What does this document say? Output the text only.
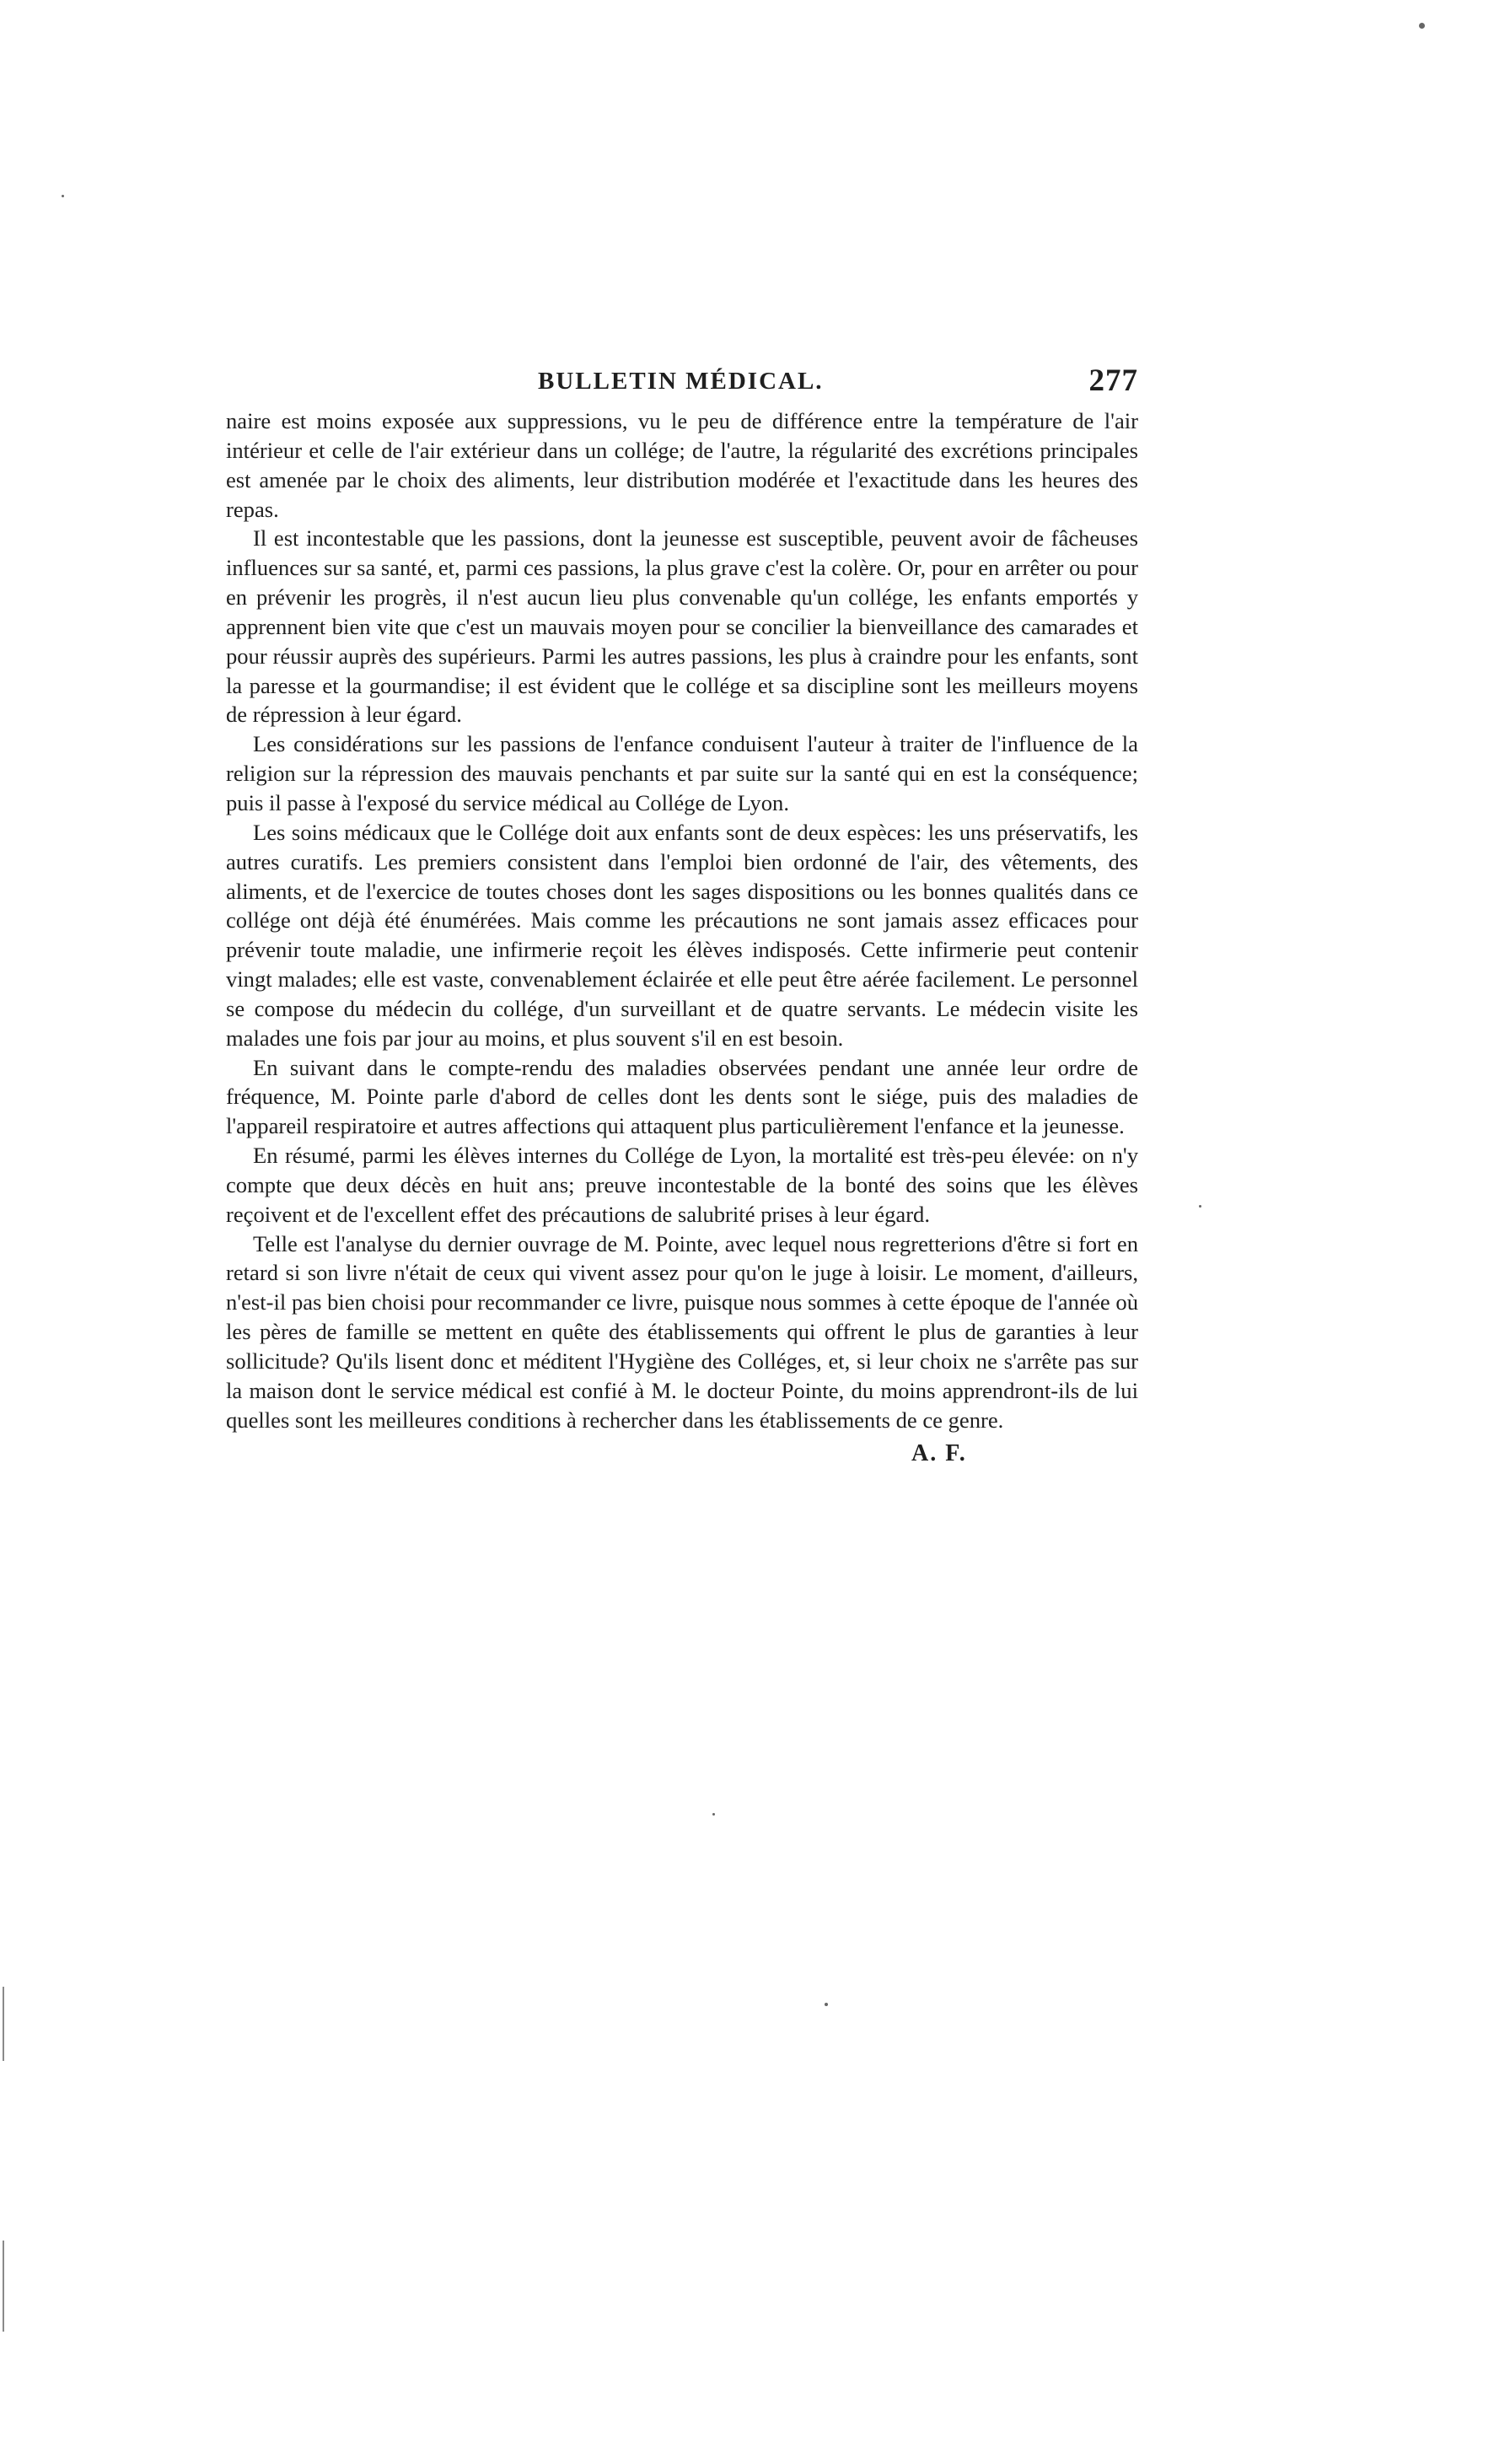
BULLETIN MÉDICAL.	277

naire est moins exposée aux suppressions, vu le peu de différence entre la température de l'air intérieur et celle de l'air extérieur dans un collége; de l'autre, la régularité des excrétions principales est amenée par le choix des aliments, leur distribution modérée et l'exactitude dans les heures des repas.

Il est incontestable que les passions, dont la jeunesse est susceptible, peuvent avoir de fâcheuses influences sur sa santé, et, parmi ces passions, la plus grave c'est la colère. Or, pour en arrêter ou pour en prévenir les progrès, il n'est aucun lieu plus convenable qu'un collége, les enfants emportés y apprennent bien vite que c'est un mauvais moyen pour se concilier la bienveillance des camarades et pour réussir auprès des supérieurs. Parmi les autres passions, les plus à craindre pour les enfants, sont la paresse et la gourmandise; il est évident que le collége et sa discipline sont les meilleurs moyens de répression à leur égard.

Les considérations sur les passions de l'enfance conduisent l'auteur à traiter de l'influence de la religion sur la répression des mauvais penchants et par suite sur la santé qui en est la conséquence; puis il passe à l'exposé du service médical au Collége de Lyon.

Les soins médicaux que le Collége doit aux enfants sont de deux espèces: les uns préservatifs, les autres curatifs. Les premiers consistent dans l'emploi bien ordonné de l'air, des vêtements, des aliments, et de l'exercice de toutes choses dont les sages dispositions ou les bonnes qualités dans ce collége ont déjà été énumérées. Mais comme les précautions ne sont jamais assez efficaces pour prévenir toute maladie, une infirmerie reçoit les élèves indisposés. Cette infirmerie peut contenir vingt malades; elle est vaste, convenablement éclairée et elle peut être aérée facilement. Le personnel se compose du médecin du collége, d'un surveillant et de quatre servants. Le médecin visite les malades une fois par jour au moins, et plus souvent s'il en est besoin.

En suivant dans le compte-rendu des maladies observées pendant une année leur ordre de fréquence, M. Pointe parle d'abord de celles dont les dents sont le siége, puis des maladies de l'appareil respiratoire et autres affections qui attaquent plus particulièrement l'enfance et la jeunesse.

En résumé, parmi les élèves internes du Collége de Lyon, la mortalité est très-peu élevée: on n'y compte que deux décès en huit ans; preuve incontestable de la bonté des soins que les élèves reçoivent et de l'excellent effet des précautions de salubrité prises à leur égard.

Telle est l'analyse du dernier ouvrage de M. Pointe, avec lequel nous regretterions d'être si fort en retard si son livre n'était de ceux qui vivent assez pour qu'on le juge à loisir. Le moment, d'ailleurs, n'est-il pas bien choisi pour recommander ce livre, puisque nous sommes à cette époque de l'année où les pères de famille se mettent en quête des établissements qui offrent le plus de garanties à leur sollicitude? Qu'ils lisent donc et méditent l'Hygiène des Colléges, et, si leur choix ne s'arrête pas sur la maison dont le service médical est confié à M. le docteur Pointe, du moins apprendront-ils de lui quelles sont les meilleures conditions à rechercher dans les établissements de ce genre.

A. F.
